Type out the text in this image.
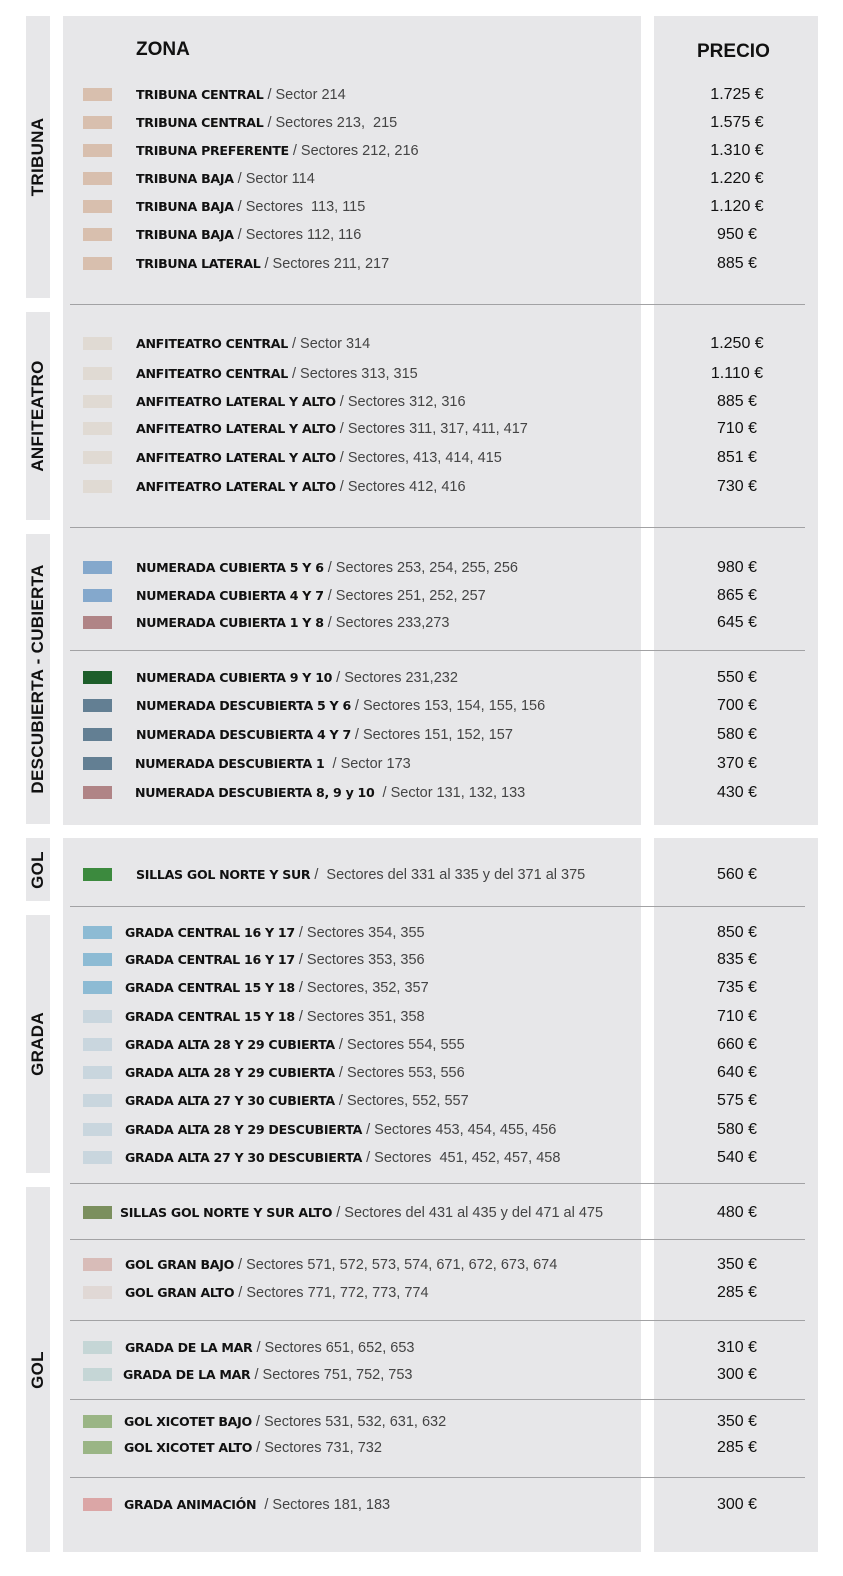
TRIBUNA
ANFITEATRO
DESCUBIERTA - CUBIERTA
GOL
GRADA
GOL
ZONA	PRECIO
TRIBUNA CENTRAL / Sector 214	1.725 €
TRIBUNA CENTRAL / Sectores 213,  215	1.575 €
TRIBUNA PREFERENTE / Sectores 212, 216	1.310 €
TRIBUNA BAJA / Sector 114	1.220 €
TRIBUNA BAJA / Sectores  113, 115	1.120 €
TRIBUNA BAJA / Sectores 112, 116	950 €
TRIBUNA LATERAL / Sectores 211, 217	885 €
ANFITEATRO CENTRAL / Sector 314	1.250 €
ANFITEATRO CENTRAL / Sectores 313, 315	1.110 €
ANFITEATRO LATERAL Y ALTO / Sectores 312, 316	885 €
ANFITEATRO LATERAL Y ALTO / Sectores 311, 317, 411, 417	710 €
ANFITEATRO LATERAL Y ALTO / Sectores, 413, 414, 415	851 €
ANFITEATRO LATERAL Y ALTO / Sectores 412, 416	730 €
NUMERADA CUBIERTA 5 Y 6 / Sectores 253, 254, 255, 256	980 €
NUMERADA CUBIERTA 4 Y 7 / Sectores 251, 252, 257	865 €
NUMERADA CUBIERTA 1 Y 8 / Sectores 233,273	645 €
NUMERADA CUBIERTA 9 Y 10 / Sectores 231,232	550 €
NUMERADA DESCUBIERTA 5 Y 6 / Sectores 153, 154, 155, 156	700 €
NUMERADA DESCUBIERTA 4 Y 7 / Sectores 151, 152, 157	580 €
NUMERADA DESCUBIERTA 1  / Sector 173	370 €
NUMERADA DESCUBIERTA 8, 9 y 10  / Sector 131, 132, 133	430 €
SILLAS GOL NORTE Y SUR /  Sectores del 331 al 335 y del 371 al 375	560 €
GRADA CENTRAL 16 Y 17 / Sectores 354, 355	850 €
GRADA CENTRAL 16 Y 17 / Sectores 353, 356	835 €
GRADA CENTRAL 15 Y 18 / Sectores, 352, 357	735 €
GRADA CENTRAL 15 Y 18 / Sectores 351, 358	710 €
GRADA ALTA 28 Y 29 CUBIERTA / Sectores 554, 555	660 €
GRADA ALTA 28 Y 29 CUBIERTA / Sectores 553, 556	640 €
GRADA ALTA 27 Y 30 CUBIERTA / Sectores, 552, 557	575 €
GRADA ALTA 28 Y 29 DESCUBIERTA / Sectores 453, 454, 455, 456	580 €
GRADA ALTA 27 Y 30 DESCUBIERTA / Sectores  451, 452, 457, 458	540 €
SILLAS GOL NORTE Y SUR ALTO / Sectores del 431 al 435 y del 471 al 475	480 €
GOL GRAN BAJO / Sectores 571, 572, 573, 574, 671, 672, 673, 674	350 €
GOL GRAN ALTO / Sectores 771, 772, 773, 774	285 €
GRADA DE LA MAR / Sectores 651, 652, 653	310 €
GRADA DE LA MAR / Sectores 751, 752, 753	300 €
GOL XICOTET BAJO / Sectores 531, 532, 631, 632	350 €
GOL XICOTET ALTO / Sectores 731, 732	285 €
GRADA ANIMACIÓN  / Sectores 181, 183	300 €
